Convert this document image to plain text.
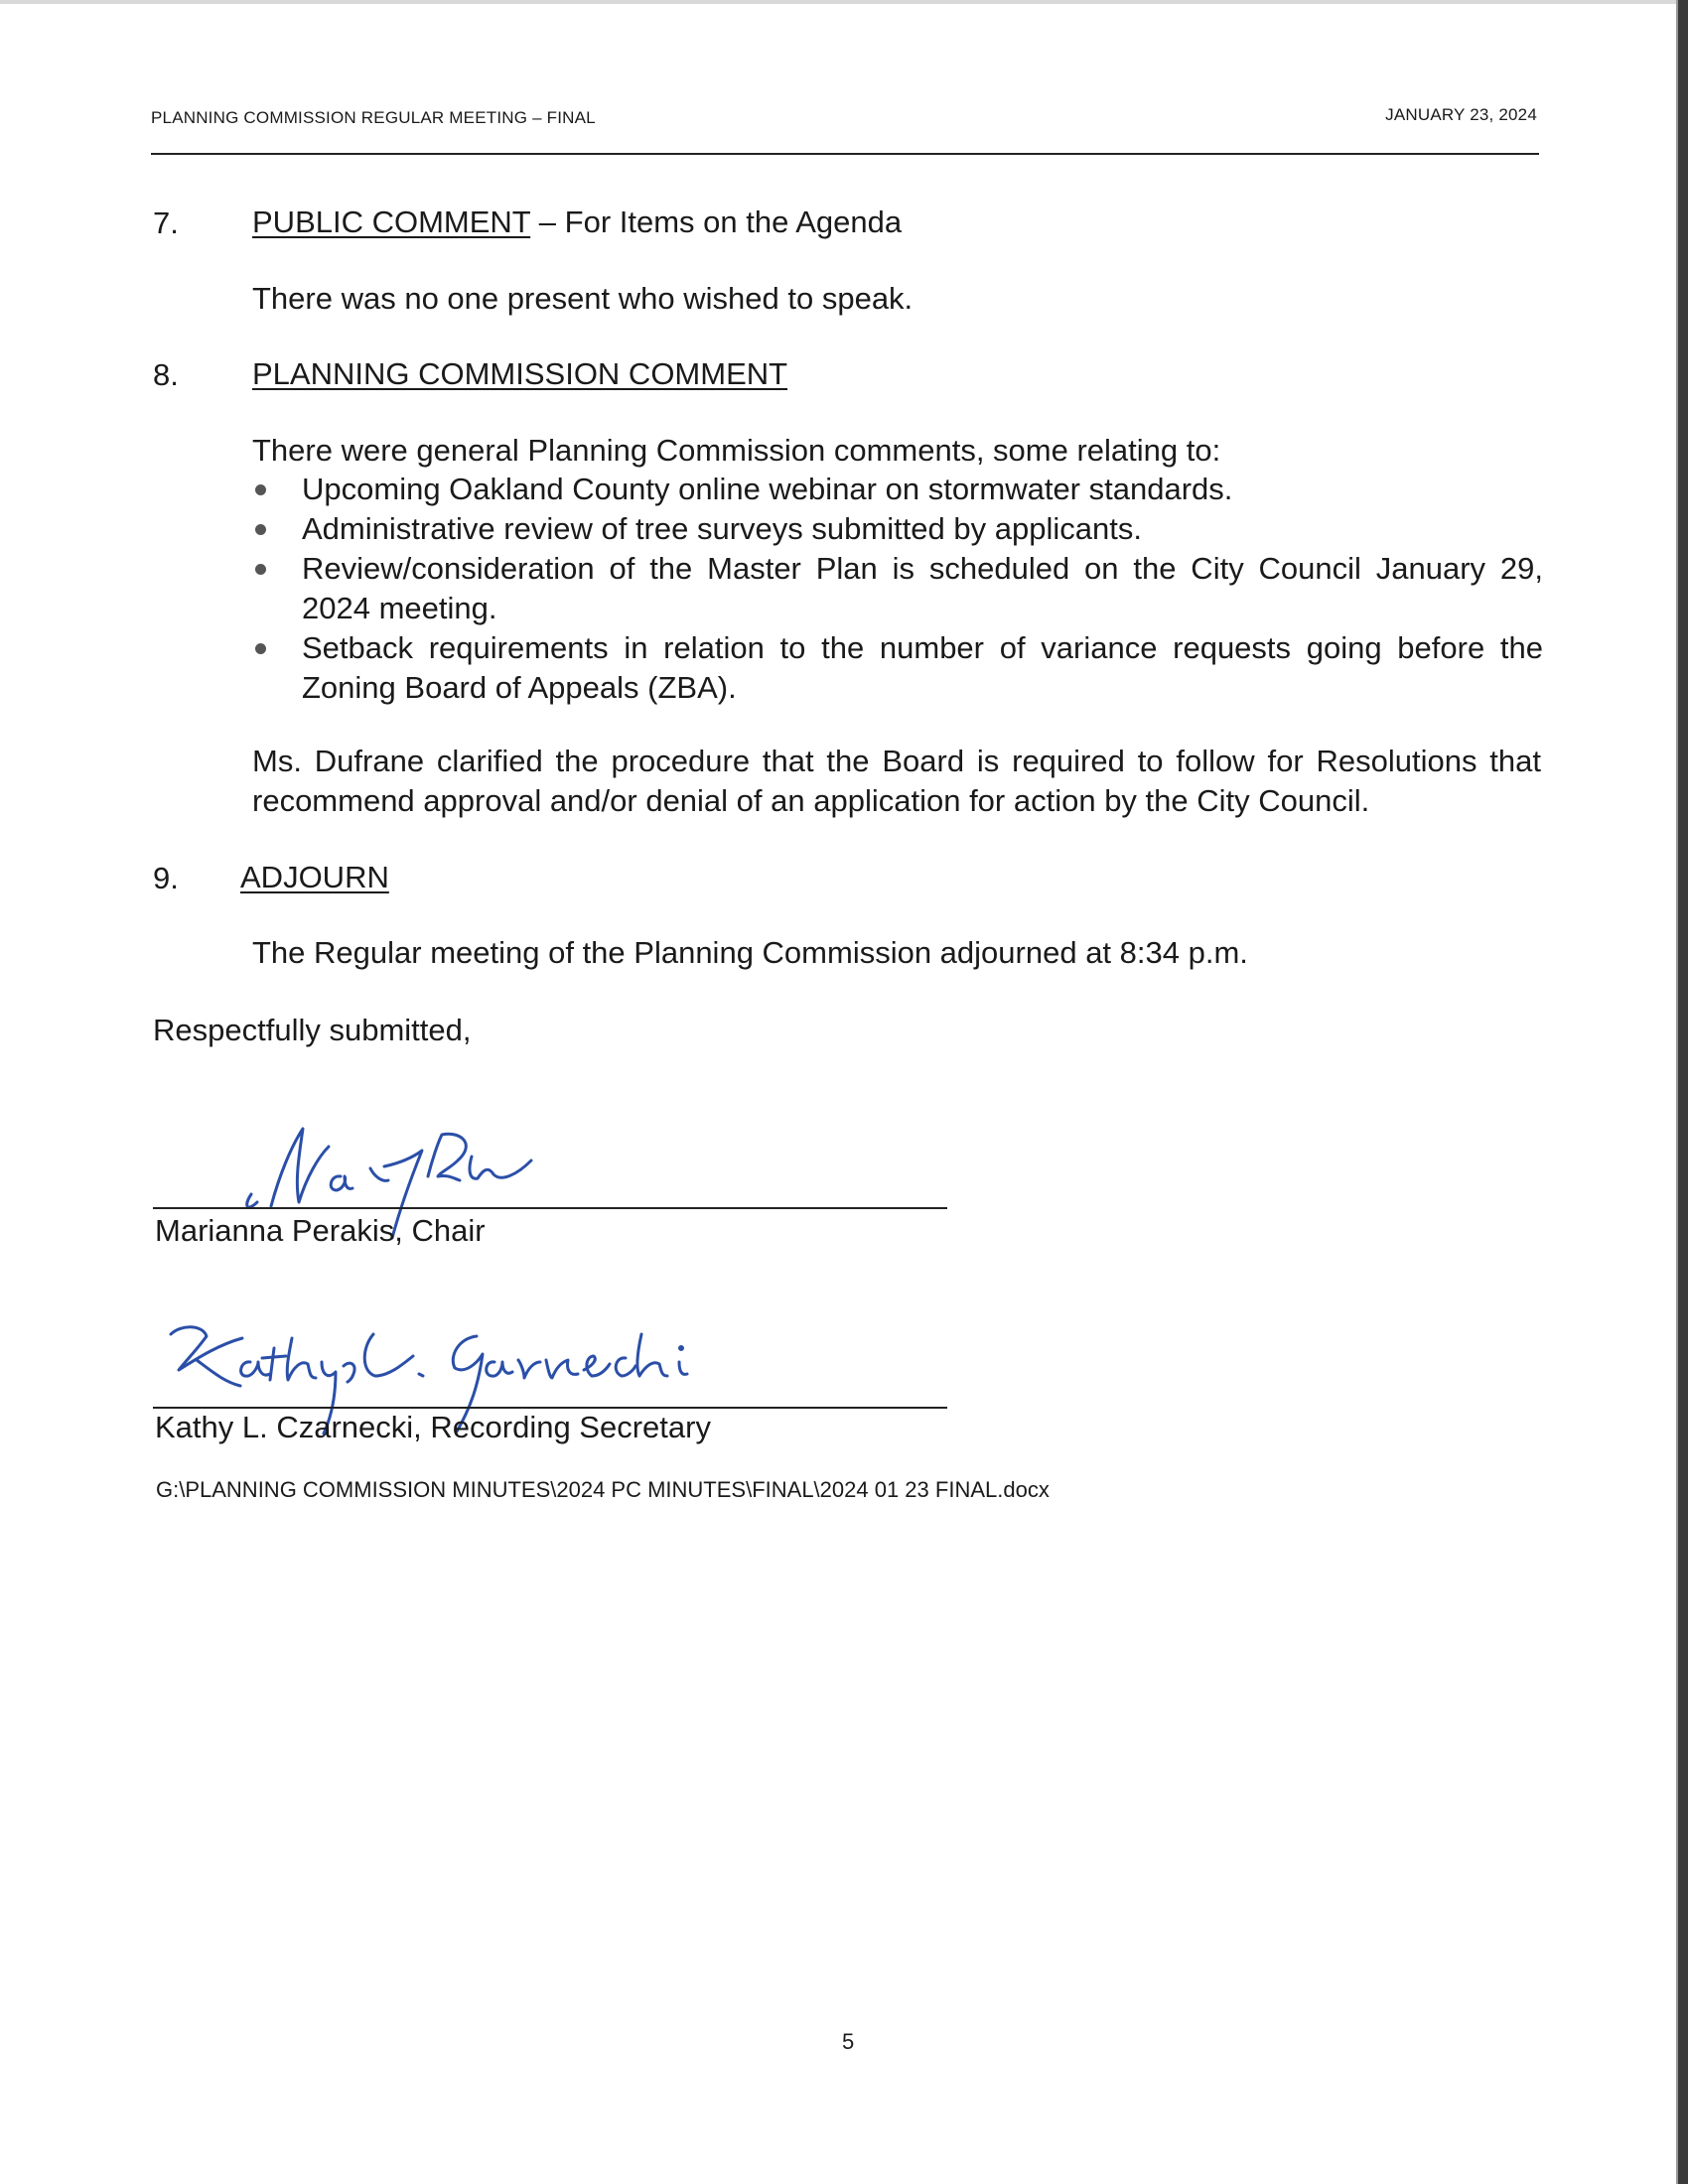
PLANNING COMMISSION REGULAR MEETING – FINAL	JANUARY 23, 2024
7. PUBLIC COMMENT – For Items on the Agenda
There was no one present who wished to speak.
8. PLANNING COMMISSION COMMENT
There were general Planning Commission comments, some relating to:
Upcoming Oakland County online webinar on stormwater standards.
Administrative review of tree surveys submitted by applicants.
Review/consideration of the Master Plan is scheduled on the City Council January 29, 2024 meeting.
Setback requirements in relation to the number of variance requests going before the Zoning Board of Appeals (ZBA).
Ms. Dufrane clarified the procedure that the Board is required to follow for Resolutions that recommend approval and/or denial of an application for action by the City Council.
9. ADJOURN
The Regular meeting of the Planning Commission adjourned at 8:34 p.m.
Respectfully submitted,
Marianna Perakis, Chair
Kathy L. Czarnecki, Recording Secretary
G:\PLANNING COMMISSION MINUTES\2024 PC MINUTES\FINAL\2024 01 23 FINAL.docx
5
